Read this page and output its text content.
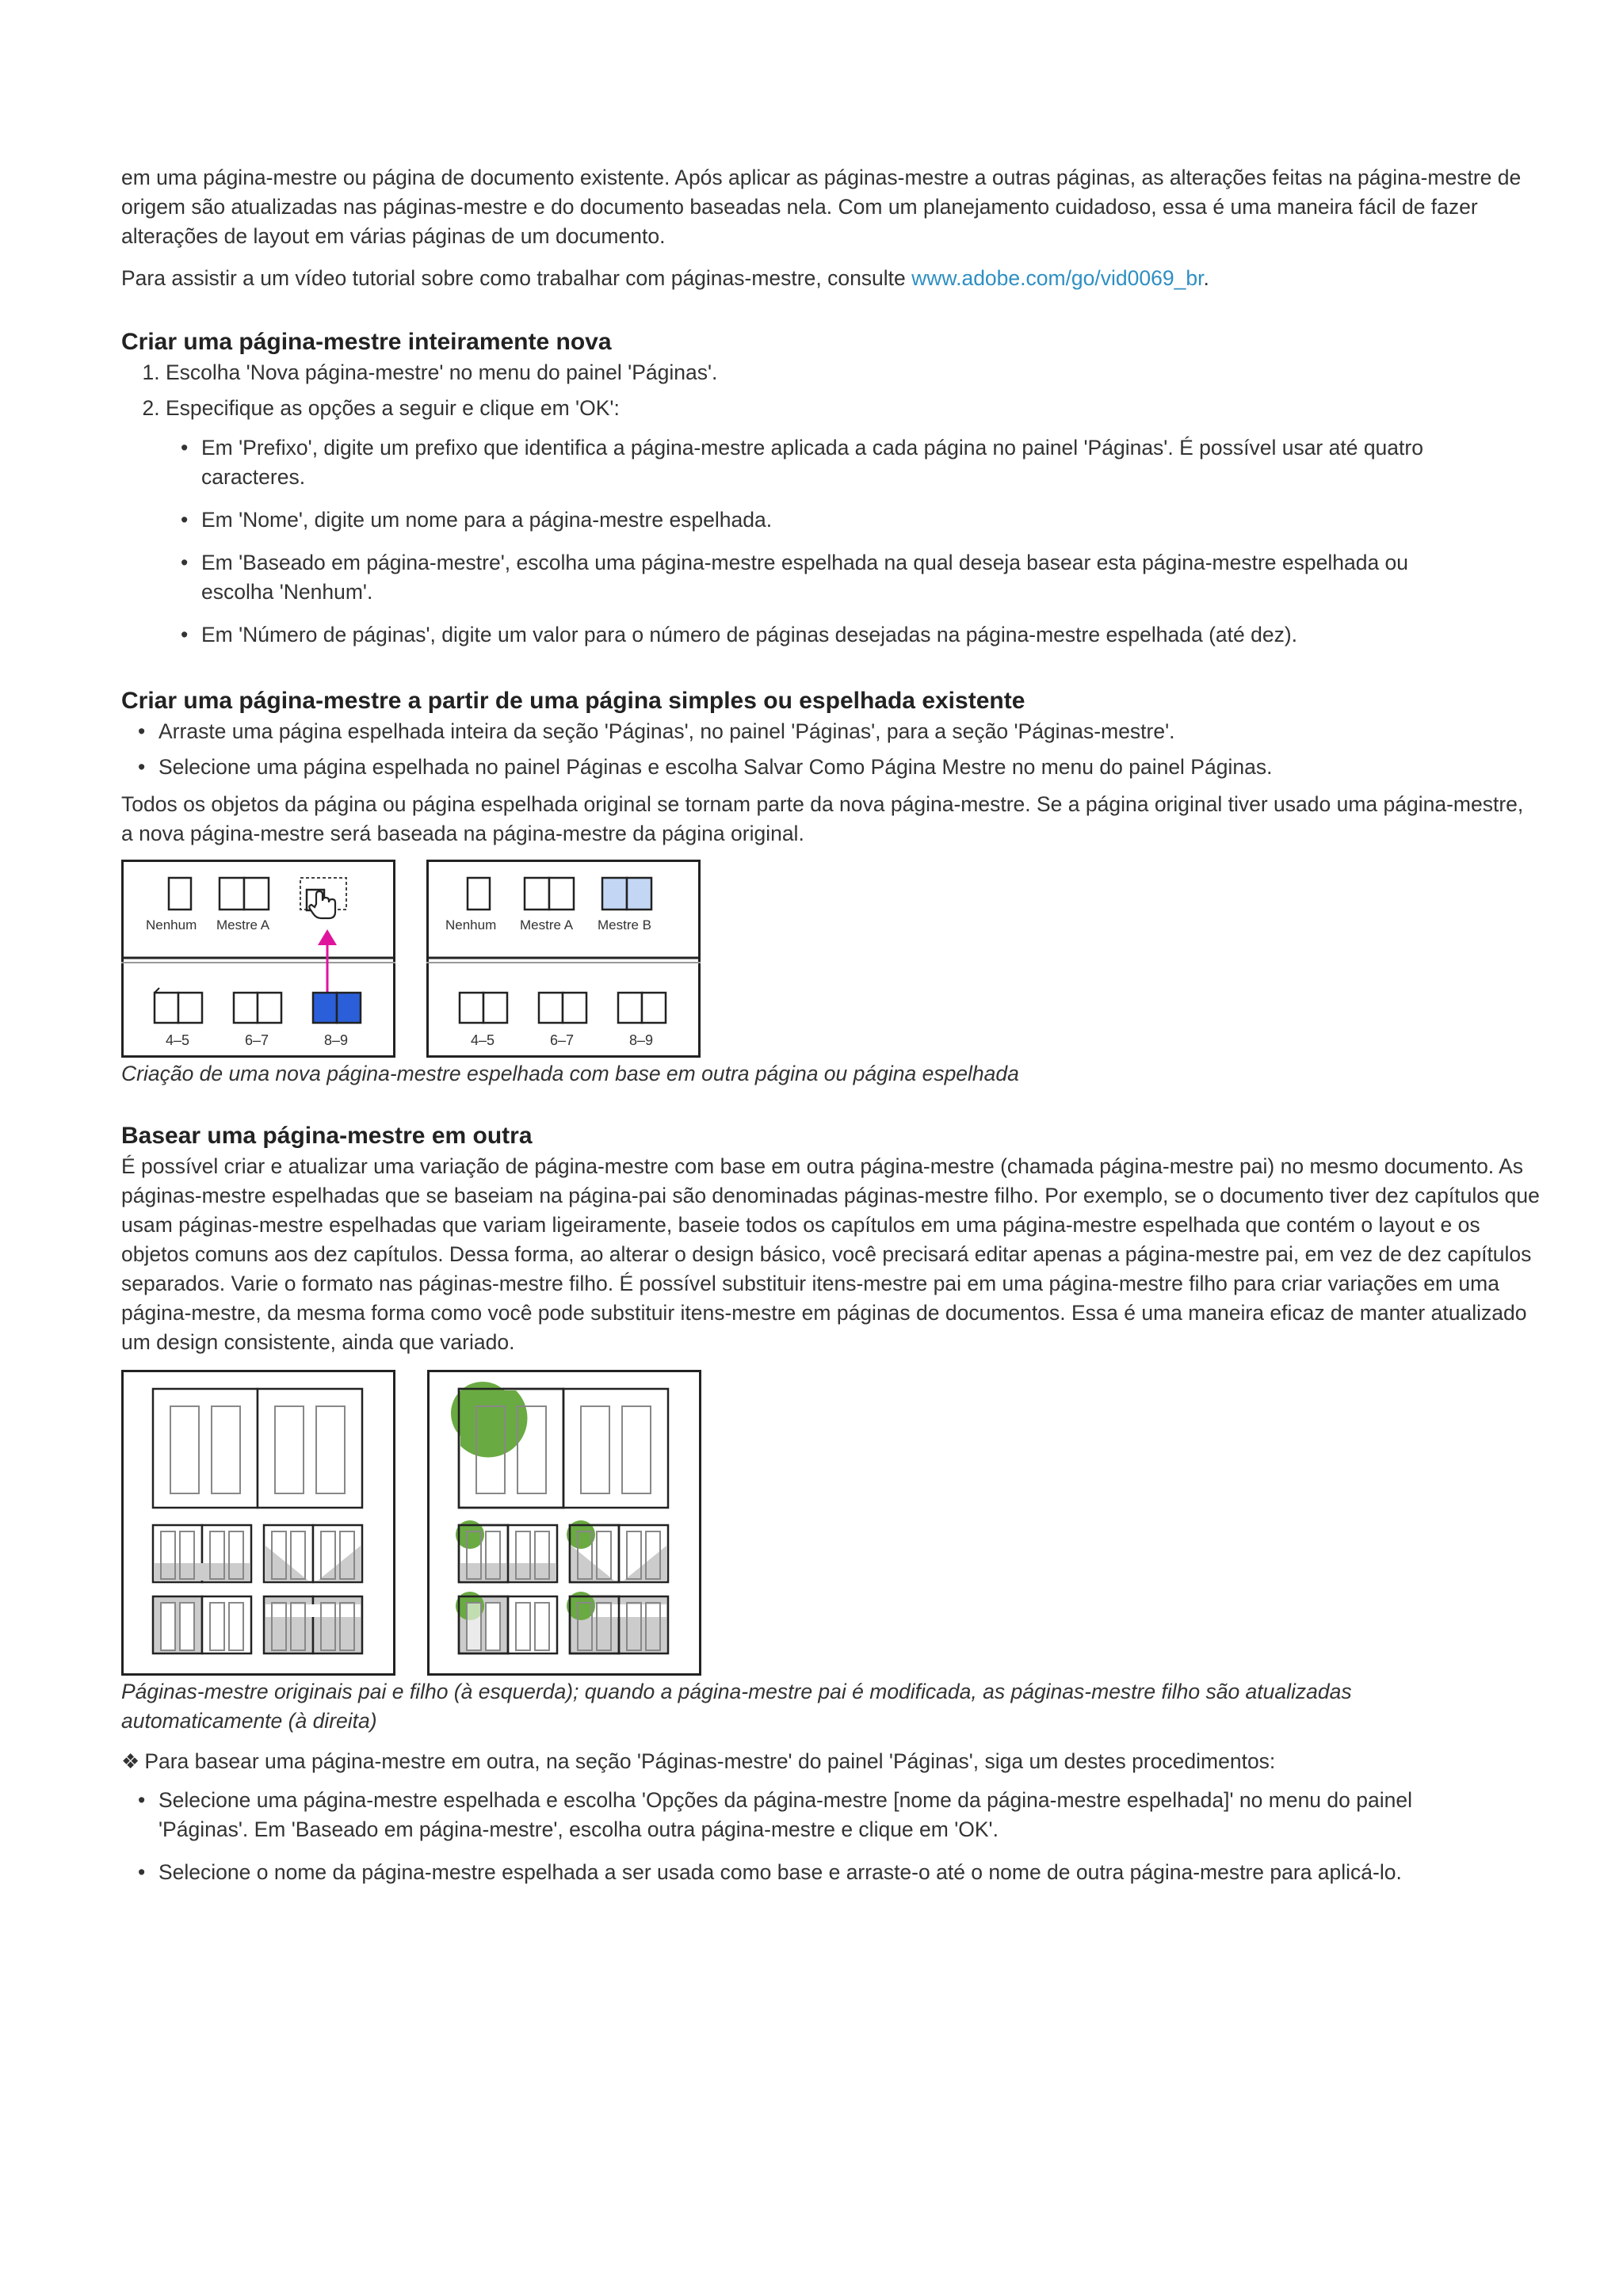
em uma página-mestre ou página de documento existente. Após aplicar as páginas-mestre a outras páginas, as alterações feitas na página-mestre de origem são atualizadas nas páginas-mestre e do documento baseadas nela. Com um planejamento cuidadoso, essa é uma maneira fácil de fazer alterações de layout em várias páginas de um documento.

Para assistir a um vídeo tutorial sobre como trabalhar com páginas-mestre, consulte www.adobe.com/go/vid0069_br.

Criar uma página-mestre inteiramente nova
1. Escolha 'Nova página-mestre' no menu do painel 'Páginas'.
2. Especifique as opções a seguir e clique em 'OK':
• Em 'Prefixo', digite um prefixo que identifica a página-mestre aplicada a cada página no painel 'Páginas'. É possível usar até quatro caracteres.
• Em 'Nome', digite um nome para a página-mestre espelhada.
• Em 'Baseado em página-mestre', escolha uma página-mestre espelhada na qual deseja basear esta página-mestre espelhada ou escolha 'Nenhum'.
• Em 'Número de páginas', digite um valor para o número de páginas desejadas na página-mestre espelhada (até dez).
Criar uma página-mestre a partir de uma página simples ou espelhada existente
• Arraste uma página espelhada inteira da seção 'Páginas', no painel 'Páginas', para a seção 'Páginas-mestre'.
• Selecione uma página espelhada no painel Páginas e escolha Salvar Como Página Mestre no menu do painel Páginas.

Todos os objetos da página ou página espelhada original se tornam parte da nova página-mestre. Se a página original tiver usado uma página-mestre, a nova página-mestre será baseada na página-mestre da página original.

Nenhum Mestre A
4–5	6–7	8–9
Nenhum Mestre A Mestre B
4–5	6–7	8–9
Criação de uma nova página-mestre espelhada com base em outra página ou página espelhada
Basear uma página-mestre em outra

É possível criar e atualizar uma variação de página-mestre com base em outra página-mestre (chamada página-mestre pai) no mesmo documento. As páginas-mestre espelhadas que se baseiam na página-pai são denominadas páginas-mestre filho. Por exemplo, se o documento tiver dez capítulos que usam páginas-mestre espelhadas que variam ligeiramente, baseie todos os capítulos em uma página-mestre espelhada que contém o layout e os objetos comuns aos dez capítulos. Dessa forma, ao alterar o design básico, você precisará editar apenas a página-mestre pai, em vez de dez capítulos separados. Varie o formato nas páginas-mestre filho. É possível substituir itens-mestre pai em uma página-mestre filho para criar variações em uma página-mestre, da mesma forma como você pode substituir itens-mestre em páginas de documentos. Essa é uma maneira eficaz de manter atualizado um design consistente, ainda que variado.

Páginas-mestre originais pai e filho (à esquerda); quando a página-mestre pai é modificada, as páginas-mestre filho são atualizadas automaticamente (à direita)

❖ Para basear uma página-mestre em outra, na seção 'Páginas-mestre' do painel 'Páginas', siga um destes procedimentos:

• Selecione uma página-mestre espelhada e escolha 'Opções da página-mestre [nome da página-mestre espelhada]' no menu do painel 'Páginas'. Em 'Baseado em página-mestre', escolha outra página-mestre e clique em 'OK'.
• Selecione o nome da página-mestre espelhada a ser usada como base e arraste-o até o nome de outra página-mestre para aplicá-lo.
